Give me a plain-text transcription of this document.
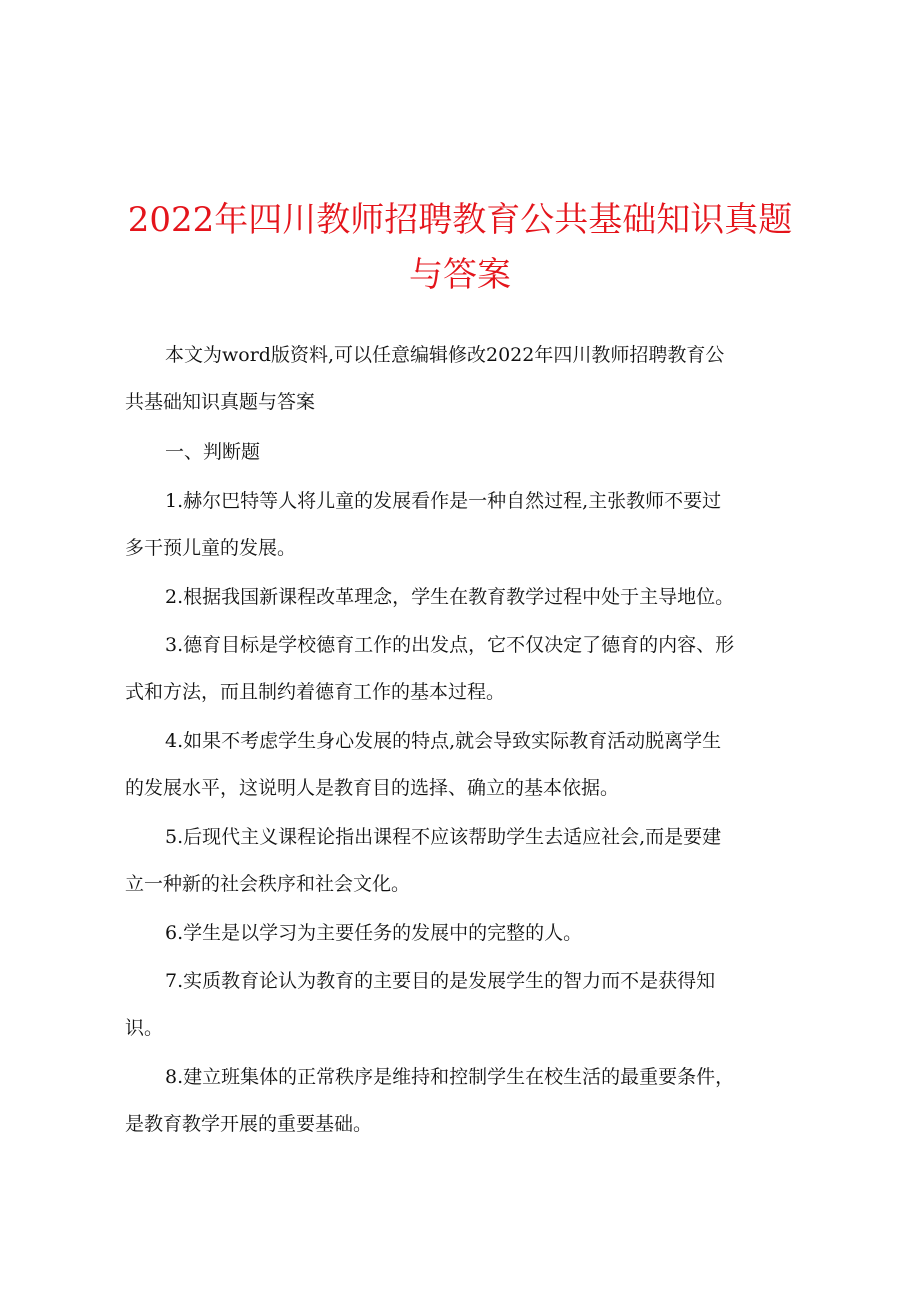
2022年四川教师招聘教育公共基础知识真题
与答案
本文为word版资料,可以任意编辑修改2022年四川教师招聘教育公
共基础知识真题与答案
一、判断题
1.赫尔巴特等人将儿童的发展看作是一种自然过程,主张教师不要过
多干预儿童的发展。
2.根据我国新课程改革理念，学生在教育教学过程中处于主导地位。
3.德育目标是学校德育工作的出发点，它不仅决定了德育的内容、形
式和方法，而且制约着德育工作的基本过程。
4.如果不考虑学生身心发展的特点,就会导致实际教育活动脱离学生
的发展水平，这说明人是教育目的选择、确立的基本依据。
5.后现代主义课程论指出课程不应该帮助学生去适应社会,而是要建
立一种新的社会秩序和社会文化。
6.学生是以学习为主要任务的发展中的完整的人。
7.实质教育论认为教育的主要目的是发展学生的智力而不是获得知
识。
8.建立班集体的正常秩序是维持和控制学生在校生活的最重要条件，
是教育教学开展的重要基础。
